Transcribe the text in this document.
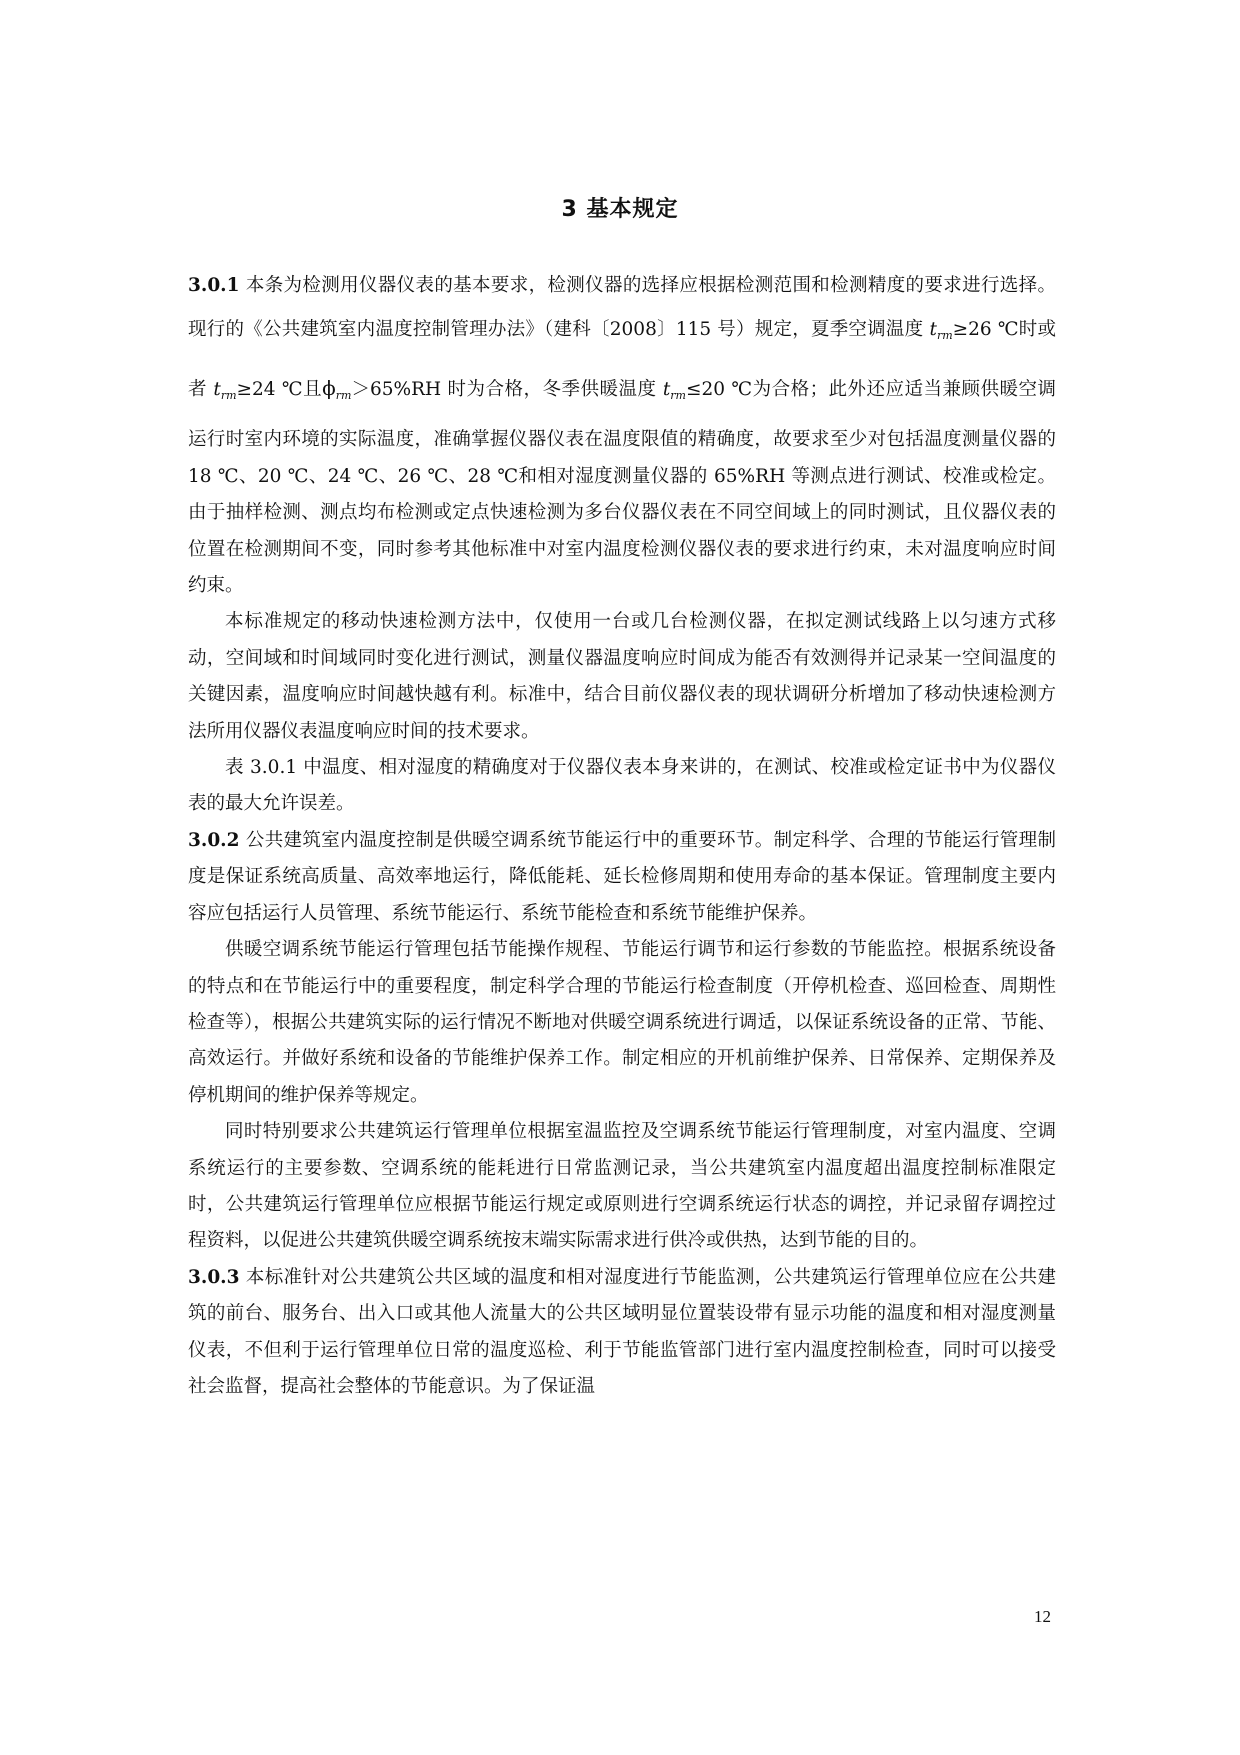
3 基本规定

3.0.1 本条为检测用仪器仪表的基本要求，检测仪器的选择应根据检测范围和检测精度的要求进行选择。现行的《公共建筑室内温度控制管理办法》（建科〔2008〕115 号）规定，夏季空调温度 $t_{rm}\ge 26$ ℃时或者 $t_{rm}\ge 24$ ℃且$\phi_{rm}>65\%RH$ 时为合格，冬季供暖温度 $t_{rm}\le 20$ ℃为合格；此外还应适当兼顾供暖空调运行时室内环境的实际温度，准确掌握仪器仪表在温度限值的精确度，故要求至少对包括温度测量仪器的 18 ℃、20 ℃、24 ℃、26 ℃、28 ℃和相对湿度测量仪器的 65%RH 等测点进行测试、校准或检定。由于抽样检测、测点均布检测或定点快速检测为多台仪器仪表在不同空间域上的同时测试，且仪器仪表的位置在检测期间不变，同时参考其他标准中对室内温度检测仪器仪表的要求进行约束，未对温度响应时间约束。

本标准规定的移动快速检测方法中，仅使用一台或几台检测仪器，在拟定测试线路上以匀速方式移动，空间域和时间域同时变化进行测试，测量仪器温度响应时间成为能否有效测得并记录某一空间温度的关键因素，温度响应时间越快越有利。标准中，结合目前仪器仪表的现状调研分析增加了移动快速检测方法所用仪器仪表温度响应时间的技术要求。

表 3.0.1 中温度、相对湿度的精确度对于仪器仪表本身来讲的，在测试、校准或检定证书中为仪器仪表的最大允许误差。

3.0.2 公共建筑室内温度控制是供暖空调系统节能运行中的重要环节。制定科学、合理的节能运行管理制度是保证系统高质量、高效率地运行，降低能耗、延长检修周期和使用寿命的基本保证。管理制度主要内容应包括运行人员管理、系统节能运行、系统节能检查和系统节能维护保养。

供暖空调系统节能运行管理包括节能操作规程、节能运行调节和运行参数的节能监控。根据系统设备的特点和在节能运行中的重要程度，制定科学合理的节能运行检查制度（开停机检查、巡回检查、周期性检查等），根据公共建筑实际的运行情况不断地对供暖空调系统进行调适，以保证系统设备的正常、节能、高效运行。并做好系统和设备的节能维护保养工作。制定相应的开机前维护保养、日常保养、定期保养及停机期间的维护保养等规定。

同时特别要求公共建筑运行管理单位根据室温监控及空调系统节能运行管理制度，对室内温度、空调系统运行的主要参数、空调系统的能耗进行日常监测记录，当公共建筑室内温度超出温度控制标准限定时，公共建筑运行管理单位应根据节能运行规定或原则进行空调系统运行状态的调控，并记录留存调控过程资料，以促进公共建筑供暖空调系统按末端实际需求进行供冷或供热，达到节能的目的。

3.0.3 本标准针对公共建筑公共区域的温度和相对湿度进行节能监测，公共建筑运行管理单位应在公共建筑的前台、服务台、出入口或其他人流量大的公共区域明显位置装设带有显示功能的温度和相对湿度测量仪表，不但利于运行管理单位日常的温度巡检、利于节能监管部门进行室内温度控制检查，同时可以接受社会监督，提高社会整体的节能意识。为了保证温

12
